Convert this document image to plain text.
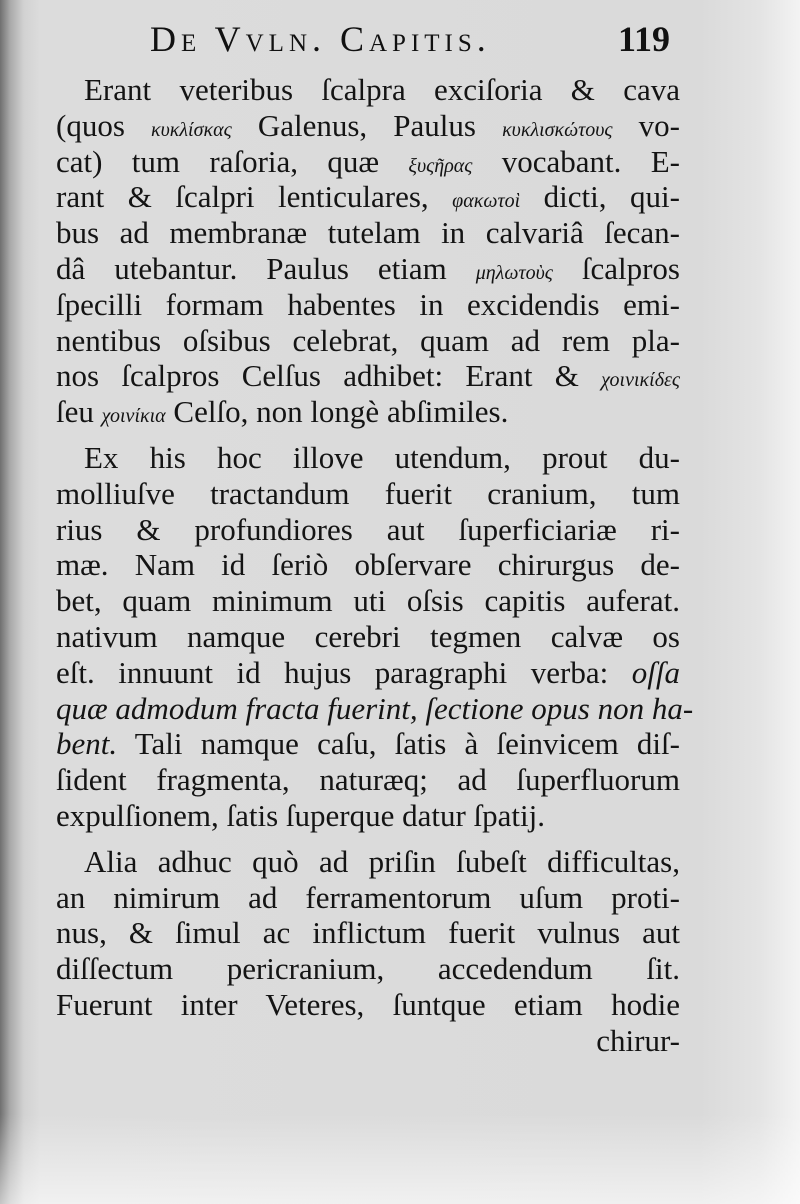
De Vvln. Capitis.	119
Erant veteribus ſcalpra exciſoria & cava
(quos κυκλίσκας Galenus, Paulus κυκλισκώτους vo-
cat) tum raſoria, quæ ξυςῆρας vocabant. E-
rant & ſcalpri lenticulares, φακωτοὶ dicti, qui-
bus ad membranæ tutelam in calvariâ ſecan-
dâ utebantur. Paulus etiam μηλωτοὺς ſcalpros
ſpecilli formam habentes in excidendis emi-
nentibus oſsibus celebrat, quam ad rem pla-
nos ſcalpros Celſus adhibet: Erant & χοινικίδες
ſeu χοινίκια Celſo, non longè abſimiles.
Ex his hoc illove utendum, prout du-
molliuſve tractandum fuerit cranium, tum
rius & profundiores aut ſuperficiariæ ri-
mæ. Nam id ſeriò obſervare chirurgus de-
bet, quam minimum uti oſsis capitis auferat.
nativum namque cerebri tegmen calvæ os
eſt. innuunt id hujus paragraphi verba: oſſa
quæ admodum fracta fuerint, ſectione opus non ha-
bent. Tali namque caſu, ſatis à ſeinvicem diſ-
ſident fragmenta, naturæq; ad ſuperfluorum
expulſionem, ſatis ſuperque datur ſpatij.
Alia adhuc quò ad priſin ſubeſt difficultas,
an nimirum ad ferramentorum uſum proti-
nus, & ſimul ac inflictum fuerit vulnus aut
diſſectum pericranium, accedendum ſit.
Fuerunt inter Veteres, ſuntque etiam hodie
chirur-
